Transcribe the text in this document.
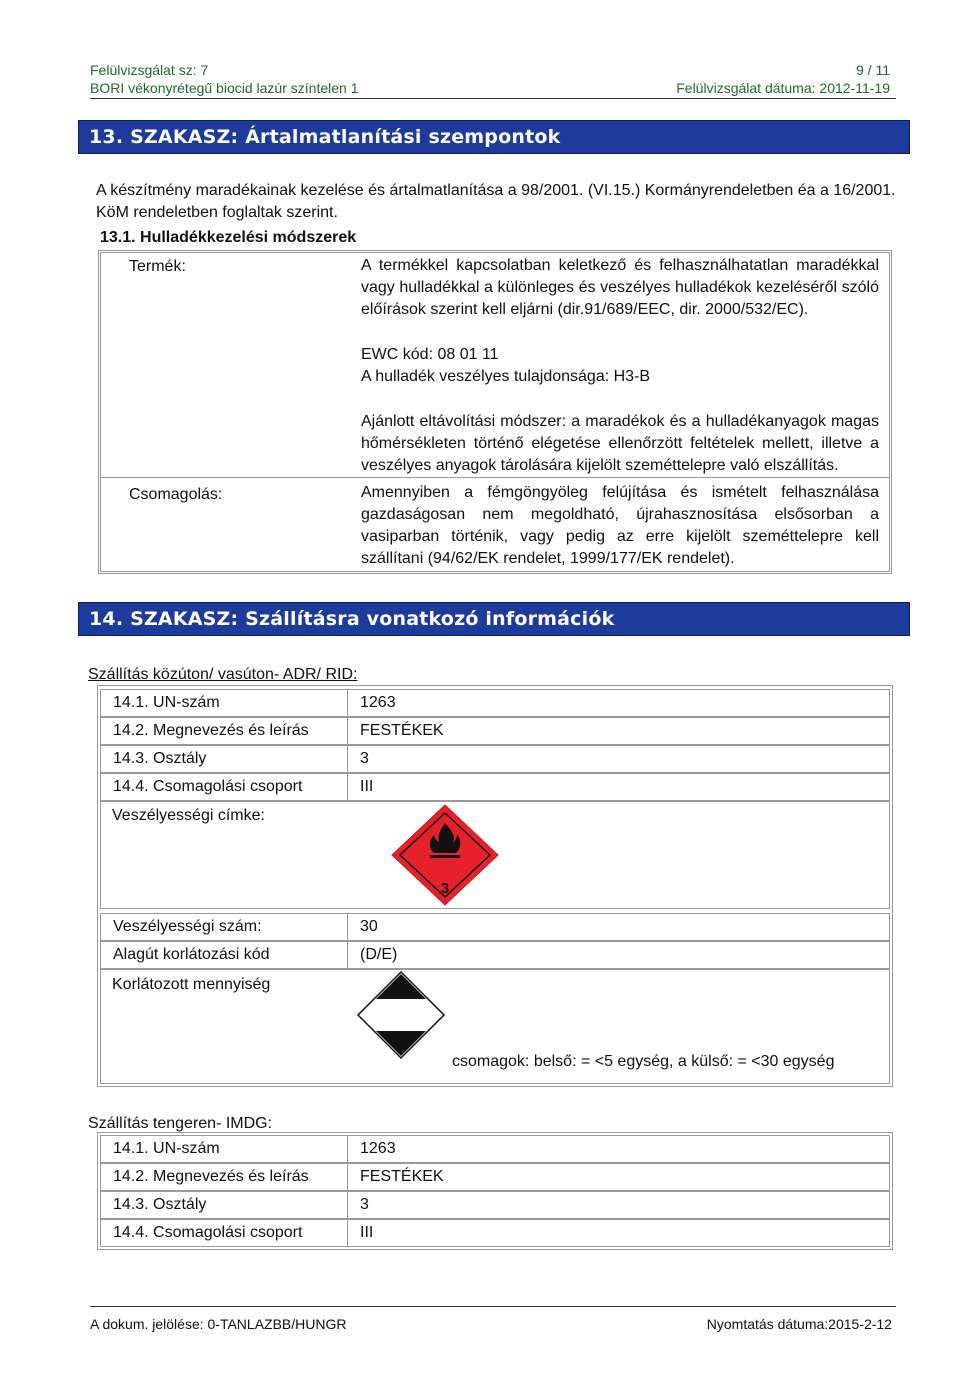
Felülvizsgálat sz: 7
BORI vékonyrétegű biocid lazúr színtelen 1
9 / 11
Felülvizsgálat dátuma: 2012-11-19
13. SZAKASZ: Ártalmatlanítási szempontok
A készítmény maradékainak kezelése és ártalmatlanítása a 98/2001. (VI.15.) Kormányrendeletben éa a 16/2001.
KöM rendeletben foglaltak szerint.
13.1. Hulladékkezelési módszerek
Termék:	A termékkel kapcsolatban keletkező és felhasználhatatlan maradékkal vagy hulladékkal a különleges és veszélyes hulladékok kezeléséről szóló előírások szerint kell eljárni (dir.91/689/EEC, dir. 2000/532/EC).
EWC kód: 08 01 11
A hulladék veszélyes tulajdonsága: H3-B
Ajánlott eltávolítási módszer: a maradékok és a hulladékanyagok magas hőmérsékleten történő elégetése ellenőrzött feltételek mellett, illetve a veszélyes anyagok tárolására kijelölt szeméttelepre való elszállítás.
Csomagolás:	Amennyiben a fémgöngyöleg felújítása és ismételt felhasználása gazdaságosan nem megoldható, újrahasznosítása elsősorban a vasiparban történik, vagy pedig az erre kijelölt szeméttelepre kell szállítani (94/62/EK rendelet, 1999/177/EK rendelet).
14. SZAKASZ: Szállításra vonatkozó információk
Szállítás közúton/ vasúton- ADR/ RID:
14.1. UN-szám	1263
14.2. Megnevezés és leírás	FESTÉKEK
14.3. Osztály	3
14.4. Csomagolási csoport	III
Veszélyességi címke:
3
Veszélyességi szám:	30
Alagút korlátozási kód	(D/E)
Korlátozott mennyiség
csomagok: belső: = <5 egység, a külső: = <30 egység
Szállítás tengeren- IMDG:
14.1. UN-szám	1263
14.2. Megnevezés és leírás	FESTÉKEK
14.3. Osztály	3
14.4. Csomagolási csoport	III
A dokum. jelölése: 0-TANLAZBB/HUNGR	Nyomtatás dátuma:2015-2-12
